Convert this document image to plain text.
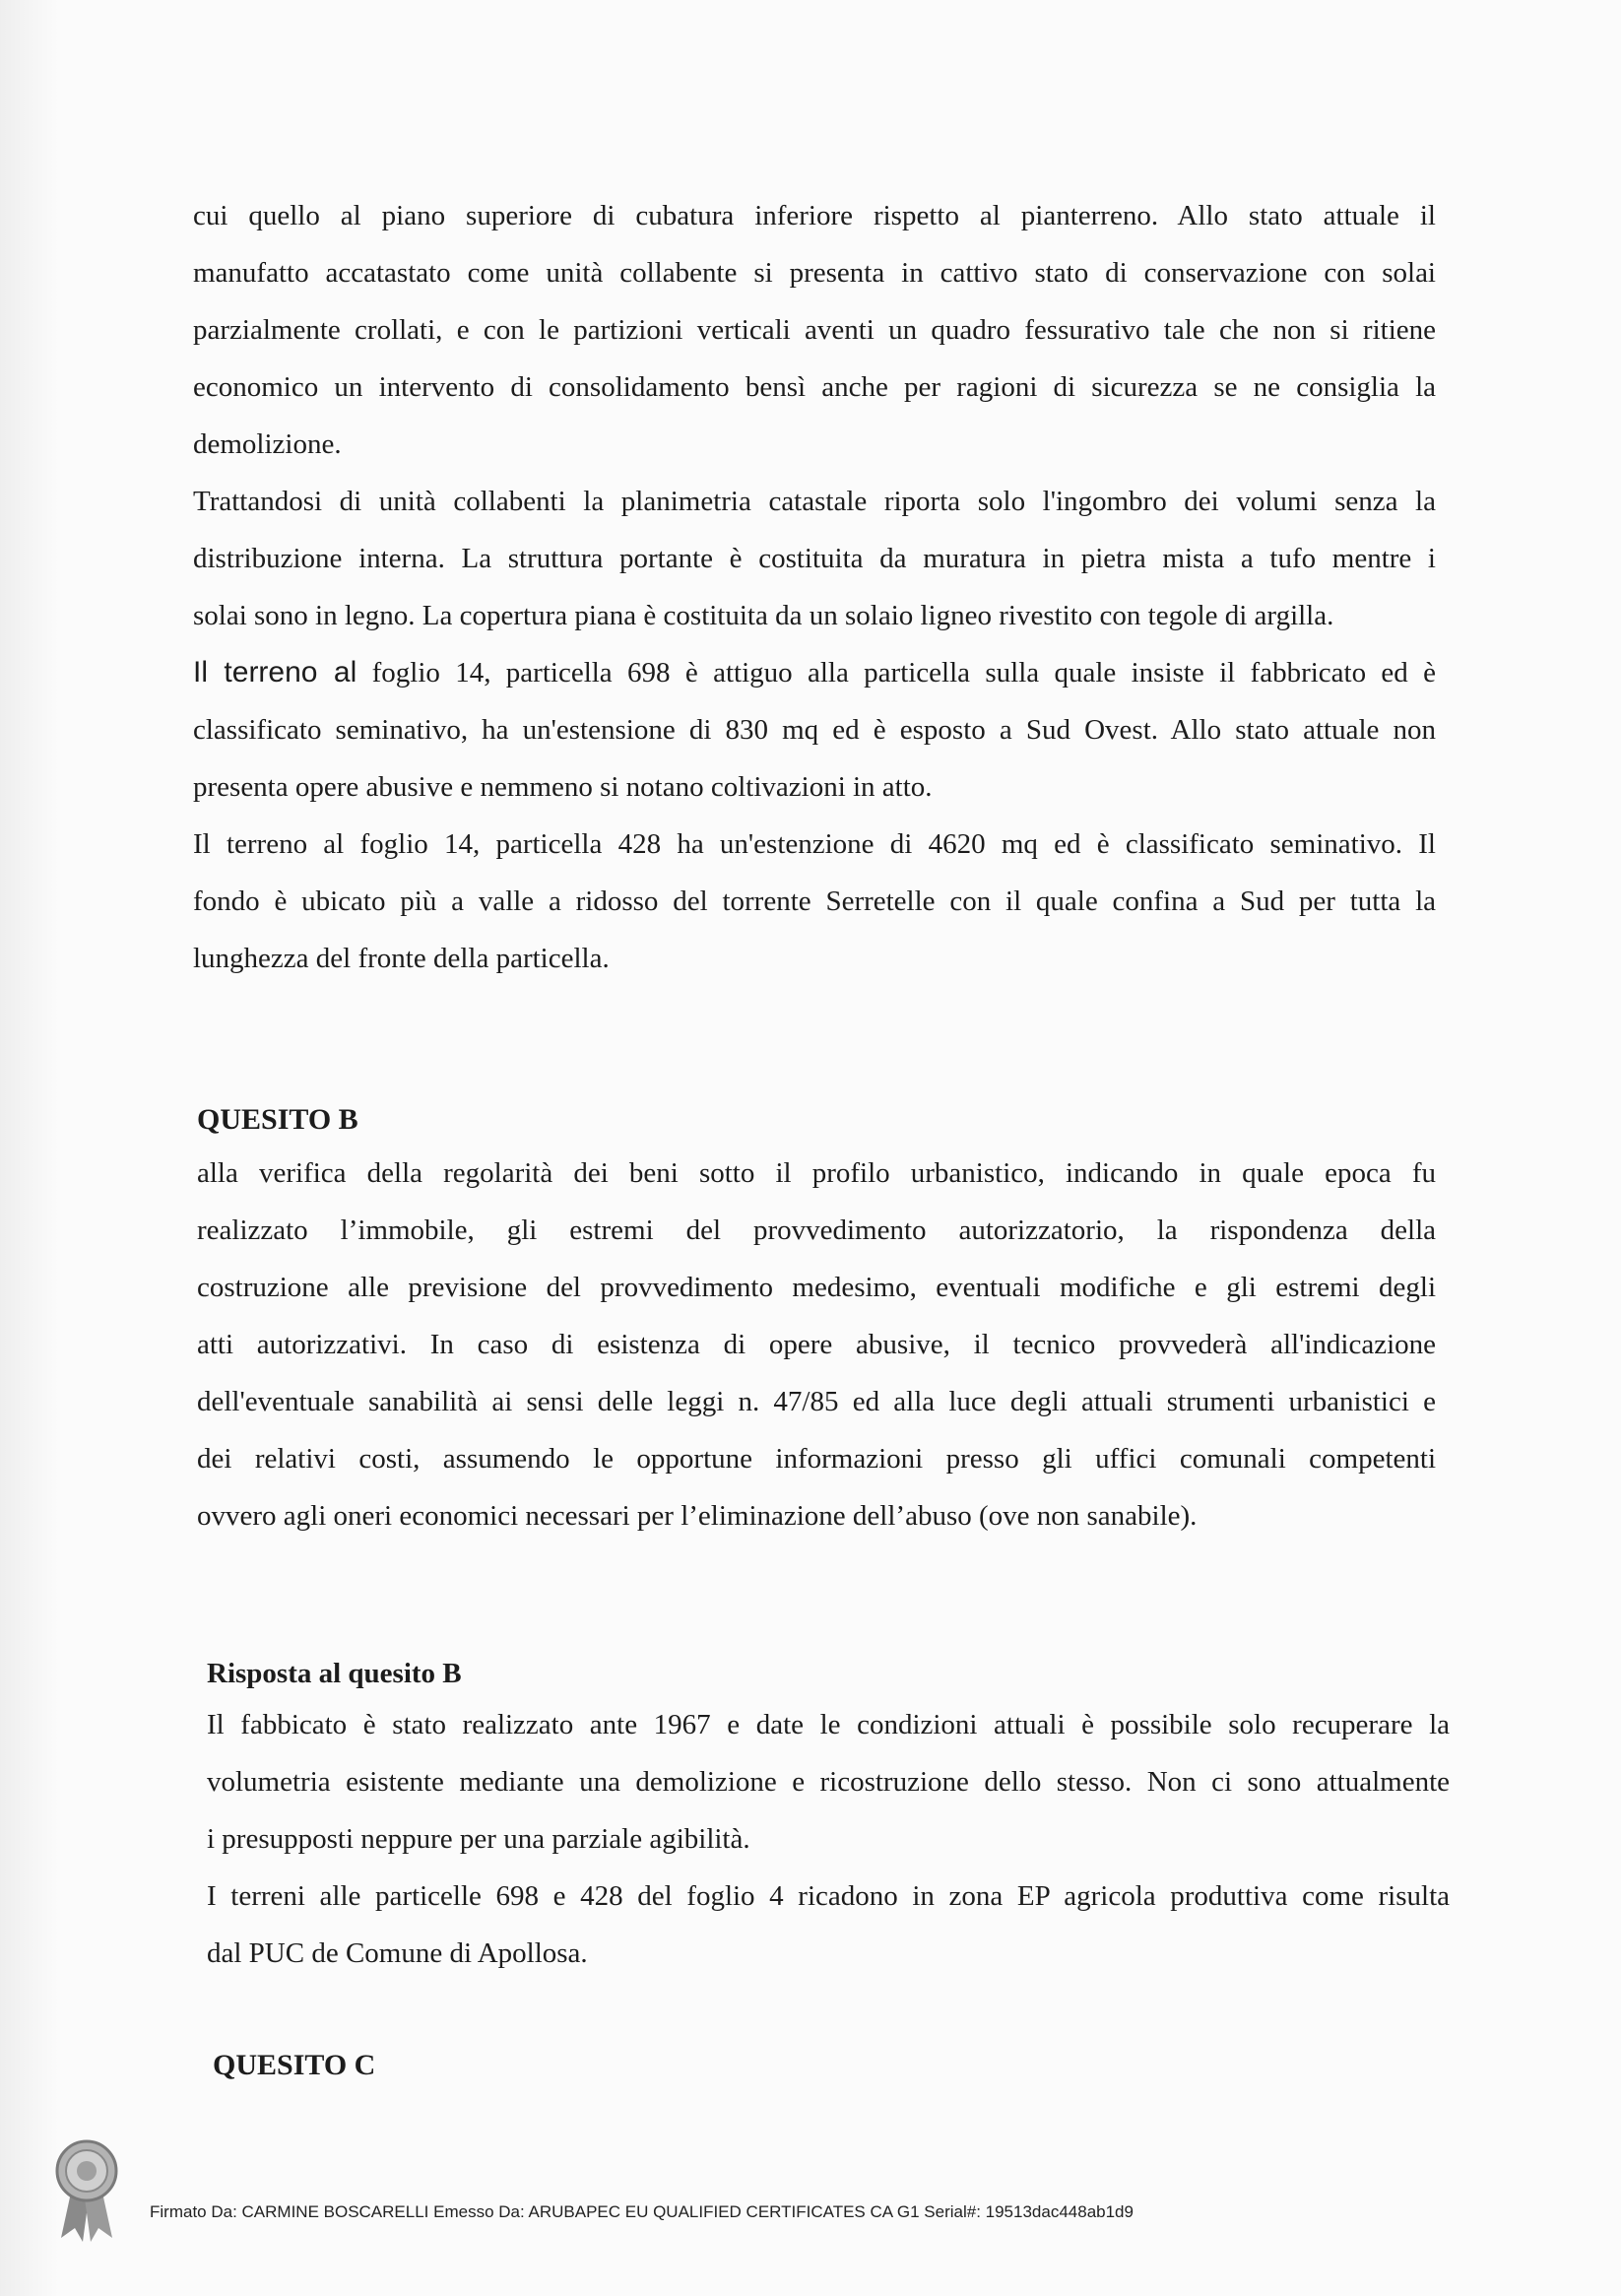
cui quello al piano superiore di cubatura inferiore rispetto al pianterreno. Allo stato attuale il
manufatto accatastato come unità collabente si presenta in cattivo stato di conservazione con solai
parzialmente crollati, e con le partizioni verticali aventi un quadro fessurativo tale che non si ritiene
economico un intervento di consolidamento bensì anche per ragioni di sicurezza se ne consiglia la
demolizione.

Trattandosi di unità collabenti la planimetria catastale riporta solo l'ingombro dei volumi senza la
distribuzione interna. La struttura portante è costituita da muratura in pietra mista a tufo mentre i
solai sono in legno. La copertura piana è costituita da un solaio ligneo rivestito con tegole di argilla.

Il terreno al foglio 14, particella 698 è attiguo alla particella sulla quale insiste il fabbricato ed è
classificato seminativo, ha un'estensione di 830 mq ed è esposto a Sud Ovest. Allo stato attuale non
presenta opere abusive e nemmeno si notano coltivazioni in atto.

Il terreno al foglio 14, particella 428 ha un'estenzione di 4620 mq ed è classificato seminativo. Il
fondo è ubicato più a valle a ridosso del torrente Serretelle con il quale confina a Sud per tutta la
lunghezza del fronte della particella.

QUESITO B

alla verifica della regolarità dei beni sotto il profilo urbanistico, indicando in quale epoca fu
realizzato l’immobile, gli estremi del provvedimento autorizzatorio, la rispondenza della
costruzione alle previsione del provvedimento medesimo, eventuali modifiche e gli estremi degli
atti autorizzativi. In caso di esistenza di opere abusive, il tecnico provvederà all'indicazione
dell'eventuale sanabilità ai sensi delle leggi n. 47/85 ed alla luce degli attuali strumenti urbanistici e
dei relativi costi, assumendo le opportune informazioni presso gli uffici comunali competenti
ovvero agli oneri economici necessari per l’eliminazione dell’abuso (ove non sanabile).

Risposta al quesito B

Il fabbicato è stato realizzato ante 1967 e date le condizioni attuali è possibile solo recuperare la
volumetria esistente mediante una demolizione e ricostruzione dello stesso. Non ci sono attualmente
i presupposti neppure per una parziale agibilità.

I terreni alle particelle 698 e 428 del foglio 4 ricadono in zona EP agricola produttiva come risulta
dal PUC de Comune di Apollosa.

QUESITO C
Firmato Da: CARMINE BOSCARELLI Emesso Da: ARUBAPEC EU QUALIFIED CERTIFICATES CA G1 Serial#: 19513dac448ab1d9
